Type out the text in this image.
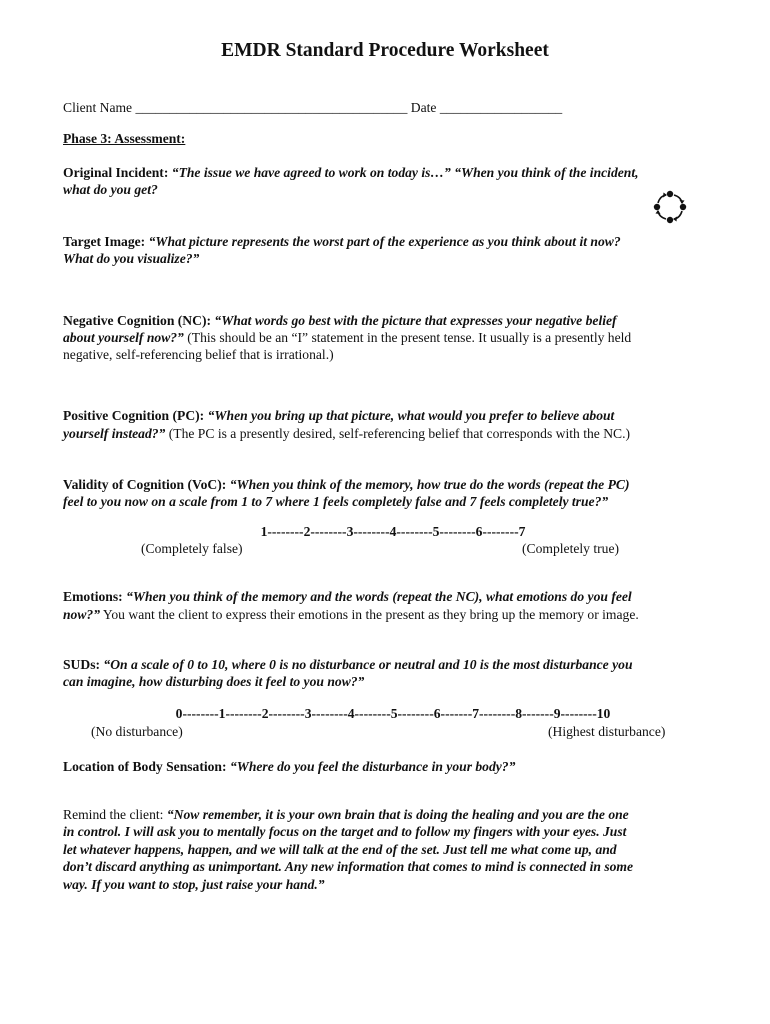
EMDR Standard Procedure Worksheet
Client Name ________________________________________ Date __________________
Phase 3: Assessment:
Original Incident: “The issue we have agreed to work on today is…” “When you think of the incident,
what do you get?
Target Image: “What picture represents the worst part of the experience as you think about it now?
What do you visualize?”
Negative Cognition (NC): “What words go best with the picture that expresses your negative belief
about yourself now?” (This should be an “I” statement in the present tense. It usually is a presently held
negative, self-referencing belief that is irrational.)
Positive Cognition (PC): “When you bring up that picture, what would you prefer to believe about
yourself instead?” (The PC is a presently desired, self-referencing belief that corresponds with the NC.)
Validity of Cognition (VoC): “When you think of the memory, how true do the words (repeat the PC)
feel to you now on a scale from 1 to 7 where 1 feels completely false and 7 feels completely true?”
1--------2--------3--------4--------5--------6--------7
(Completely false)	(Completely true)
Emotions: “When you think of the memory and the words (repeat the NC), what emotions do you feel
now?” You want the client to express their emotions in the present as they bring up the memory or image.
SUDs: “On a scale of 0 to 10, where 0 is no disturbance or neutral and 10 is the most disturbance you
can imagine, how disturbing does it feel to you now?”
0--------1--------2--------3--------4--------5--------6-------7--------8-------9--------10
(No disturbance)	(Highest disturbance)
Location of Body Sensation: “Where do you feel the disturbance in your body?”
Remind the client: “Now remember, it is your own brain that is doing the healing and you are the one
in control. I will ask you to mentally focus on the target and to follow my fingers with your eyes. Just
let whatever happens, happen, and we will talk at the end of the set. Just tell me what come up, and
don’t discard anything as unimportant. Any new information that comes to mind is connected in some
way. If you want to stop, just raise your hand.”
